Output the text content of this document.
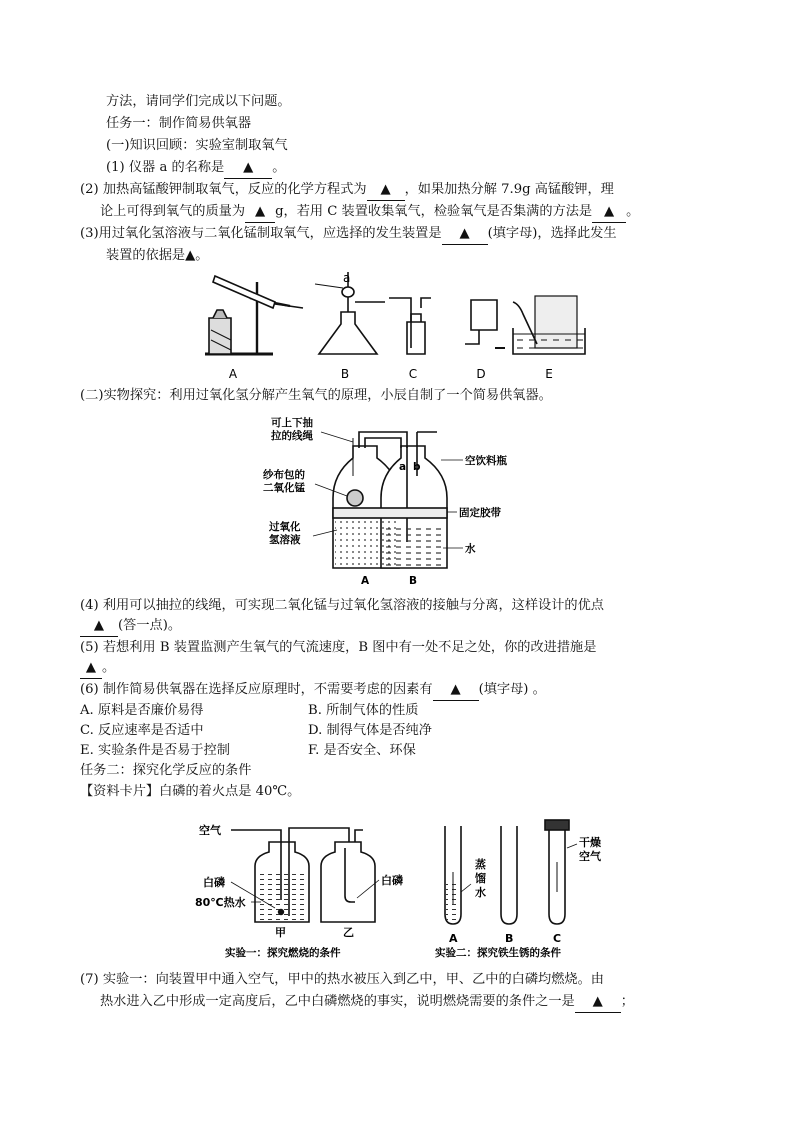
方法，请同学们完成以下问题。
任务一：制作简易供氧器
(一)知识回顾：实验室制取氧气
(1) 仪器 a 的名称是 ▲ 。
(2) 加热高锰酸钾制取氧气，反应的化学方程式为 ▲ ，如果加热分解 7.9g 高锰酸钾，理
论上可得到氧气的质量为 ▲ g，若用 C 装置收集氧气，检验氧气是否集满的方法是 ▲ 。
(3)用过氧化氢溶液与二氧化锰制取氧气，应选择的发生装置是 ▲ (填字母)，选择此发生
装置的依据是▲。
a
A	B	C	D	E
(二)实物探究：利用过氧化氢分解产生氧气的原理，小辰自制了一个简易供氧器。
可上下抽
拉的线绳
纱布包的
二氧化锰
过氧化
氢溶液
空饮料瓶
固定胶带
水
a b
A	B
(4) 利用可以抽拉的线绳，可实现二氧化锰与过氧化氢溶液的接触与分离，这样设计的优点
▲ (答一点)。
(5) 若想利用 B 装置监测产生氧气的气流速度，B 图中有一处不足之处，你的改进措施是
▲ 。
(6) 制作简易供氧器在选择反应原理时，不需要考虑的因素有 ▲ (填字母) 。
A. 原料是否廉价易得	B. 所制气体的性质
C. 反应速率是否适中	D. 制得气体是否纯净
E. 实验条件是否易于控制	F. 是否安全、环保
任务二：探究化学反应的条件
【资料卡片】白磷的着火点是 40℃。
空气
白磷
80℃热水
白磷
甲	乙
蒸
馏
水
干燥
空气
A	B	C
实验一：探究燃烧的条件	实验二：探究铁生锈的条件
(7) 实验一：向装置甲中通入空气，甲中的热水被压入到乙中，甲、乙中的白磷均燃烧。由
热水进入乙中形成一定高度后，乙中白磷燃烧的事实，说明燃烧需要的条件之一是 ▲ ；
